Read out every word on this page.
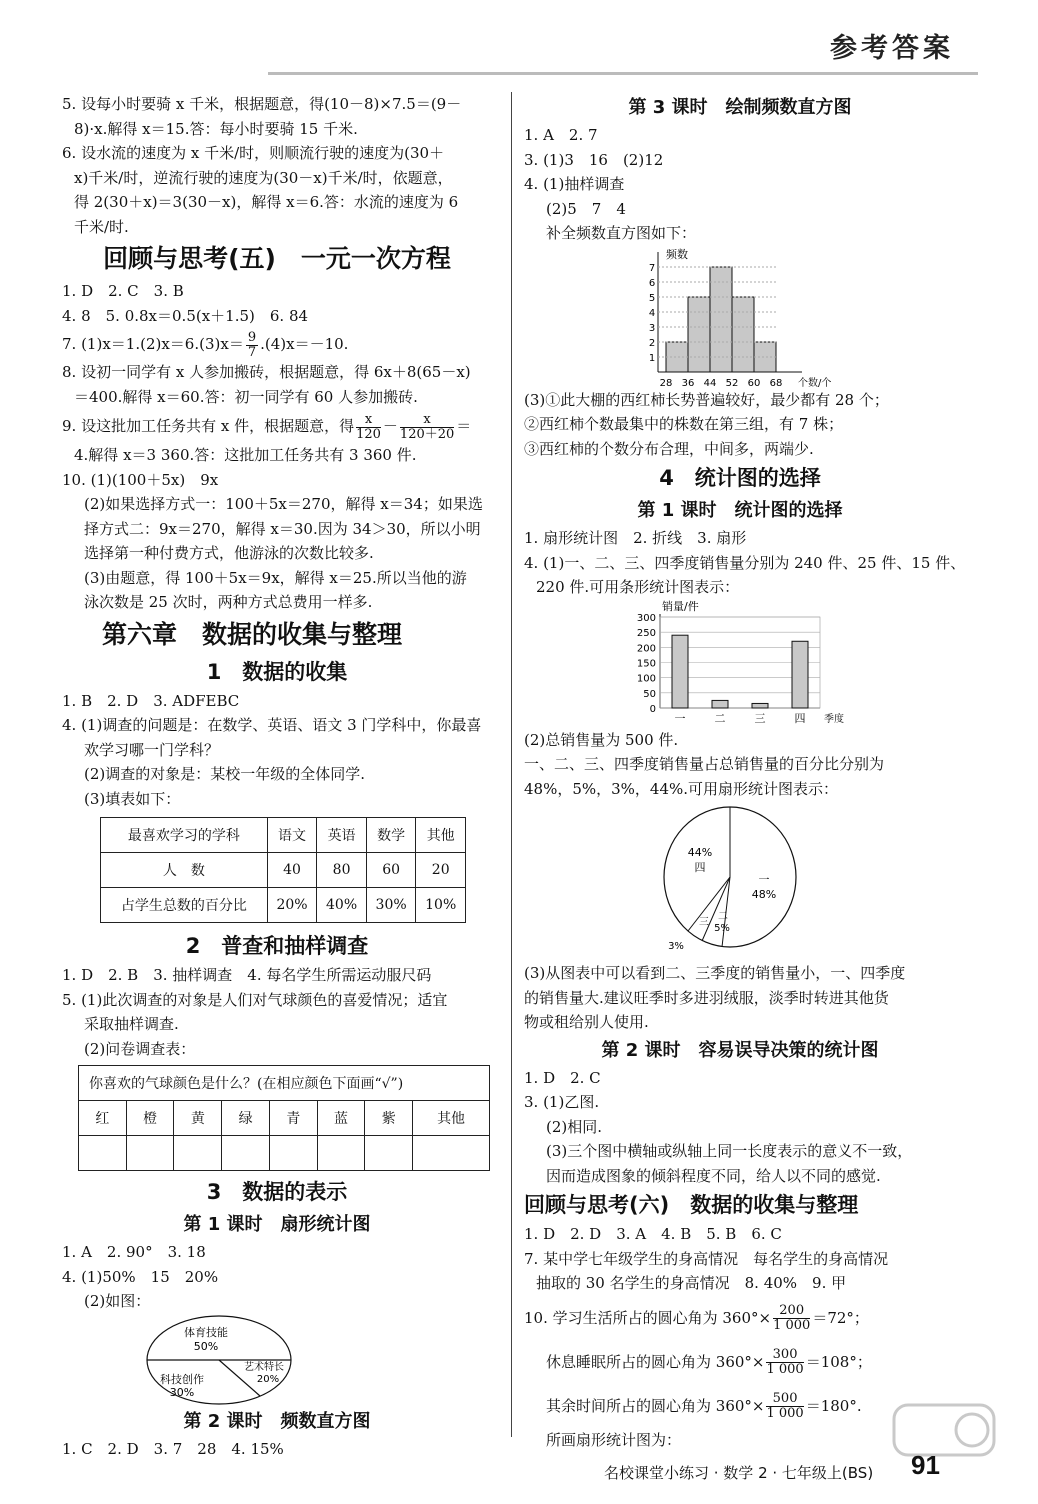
参考答案
5. 设每小时要骑 x 千米，根据题意，得(10－8)×7.5＝(9－
8)·x.解得 x＝15.答：每小时要骑 15 千米.
6. 设水流的速度为 x 千米/时，则顺流行驶的速度为(30＋
x)千米/时，逆流行驶的速度为(30－x)千米/时，依题意，
得 2(30＋x)＝3(30－x)，解得 x＝6.答：水流的速度为 6
千米/时.
回顾与思考(五)　一元一次方程
1. D　2. C　3. B
4. 8　5. 0.8x＝0.5(x＋1.5)　6. 84
7. $(1)x=1.(2)x=6.(3)x= \frac{9}{7} .(4)x=-10$.
8. 设初一同学有 x 人参加搬砖，根据题意，得 6x＋8(65－x)
＝400.解得 x＝60.答：初一同学有 60 人参加搬砖.
9. 设这批加工任务共有 x 件，根据题意，得 $\frac{x}{120} - \frac{x}{120+20}$ ＝
4.解得 x＝3 360.答：这批加工任务共有 3 360 件.
10. (1)(100＋5x)　9x
(2)如果选择方式一：100＋5x＝270，解得 x＝34；如果选
择方式二：9x＝270，解得 x＝30.因为 34＞30，所以小明
选择第一种付费方式，他游泳的次数比较多.
(3)由题意，得 100＋5x＝9x，解得 x＝25.所以当他的游
泳次数是 25 次时，两种方式总费用一样多.
第六章　数据的收集与整理
1　数据的收集
1. B　2. D　3. ADFEBC
4. (1)调查的问题是：在数学、英语、语文 3 门学科中，你最喜
欢学习哪一门学科？
(2)调查的对象是：某校一年级的全体同学.
(3)填表如下：
最喜欢学习的学科	语文	英语	数学	其他
人　数	40	80	60	20
占学生总数的百分比	20%	40%	30%	10%
2　普查和抽样调查
1. D　2. B　3. 抽样调查　4. 每名学生所需运动服尺码
5. (1)此次调查的对象是人们对气球颜色的喜爱情况；适宜
采取抽样调查.
(2)问卷调查表：
你喜欢的气球颜色是什么？(在相应颜色下面画“√”)							
红	橙	黄	绿	青	蓝	紫	其他

3　数据的表示
第 1 课时　扇形统计图
1. A　2. 90°　3. 18
4. (1)50%　15　20%
(2)如图：
体育技能
50%
艺术特长
20%
科技创作
30%
第 2 课时　频数直方图
1. C　2. D　3. 7　28　4. 15%
第 3 课时　绘制频数直方图
1. A　2. 7
3. (1)3　16　(2)12
4. (1)抽样调查
(2)5　7　4
补全频数直方图如下：
频数
个数/个
28 36 44 52 60 68
1
2
3
4
5
6
7
(3)①此大棚的西红柿长势普遍较好，最少都有 28 个；
②西红柿个数最集中的株数在第三组，有 7 株；
③西红柿的个数分布合理，中间多，两端少.
4　统计图的选择
第 1 课时　统计图的选择
1. 扇形统计图　2. 折线　3. 扇形
4. (1)一、二、三、四季度销售量分别为 240 件、25 件、15 件、
220 件.可用条形统计图表示：
销量/件
季度
0
50
100
150
200
250
300
一	二	三	四
(2)总销售量为 500 件.
一、二、三、四季度销售量占总销售量的百分比分别为
48%，5%，3%，44%.可用扇形统计图表示：
44%
四
一
48%
二
5%
三
3%
(3)从图表中可以看到二、三季度的销售量小，一、四季度
的销售量大.建议旺季时多进羽绒服，淡季时转进其他货
物或租给别人使用.
第 2 课时　容易误导决策的统计图
1. D　2. C
3. (1)乙图.
(2)相同.
(3)三个图中横轴或纵轴上同一长度表示的意义不一致，
因而造成图象的倾斜程度不同，给人以不同的感觉.
回顾与思考(六)　数据的收集与整理
1. D　2. D　3. A　4. B　5. B　6. C
7. 某中学七年级学生的身高情况　每名学生的身高情况
抽取的 30 名学生的身高情况　8. 40%　9. 甲
10. 学习生活所占的圆心角为 $360^\circ\times \frac{200}{1 000} =72^\circ$；
休息睡眠所占的圆心角为 $360^\circ\times \frac{300}{1 000} =108^\circ$；
其余时间所占的圆心角为 $360^\circ\times \frac{500}{1 000} =180^\circ$.
所画扇形统计图为：
名校课堂小练习 · 数学 2 · 七年级上(BS) 91
